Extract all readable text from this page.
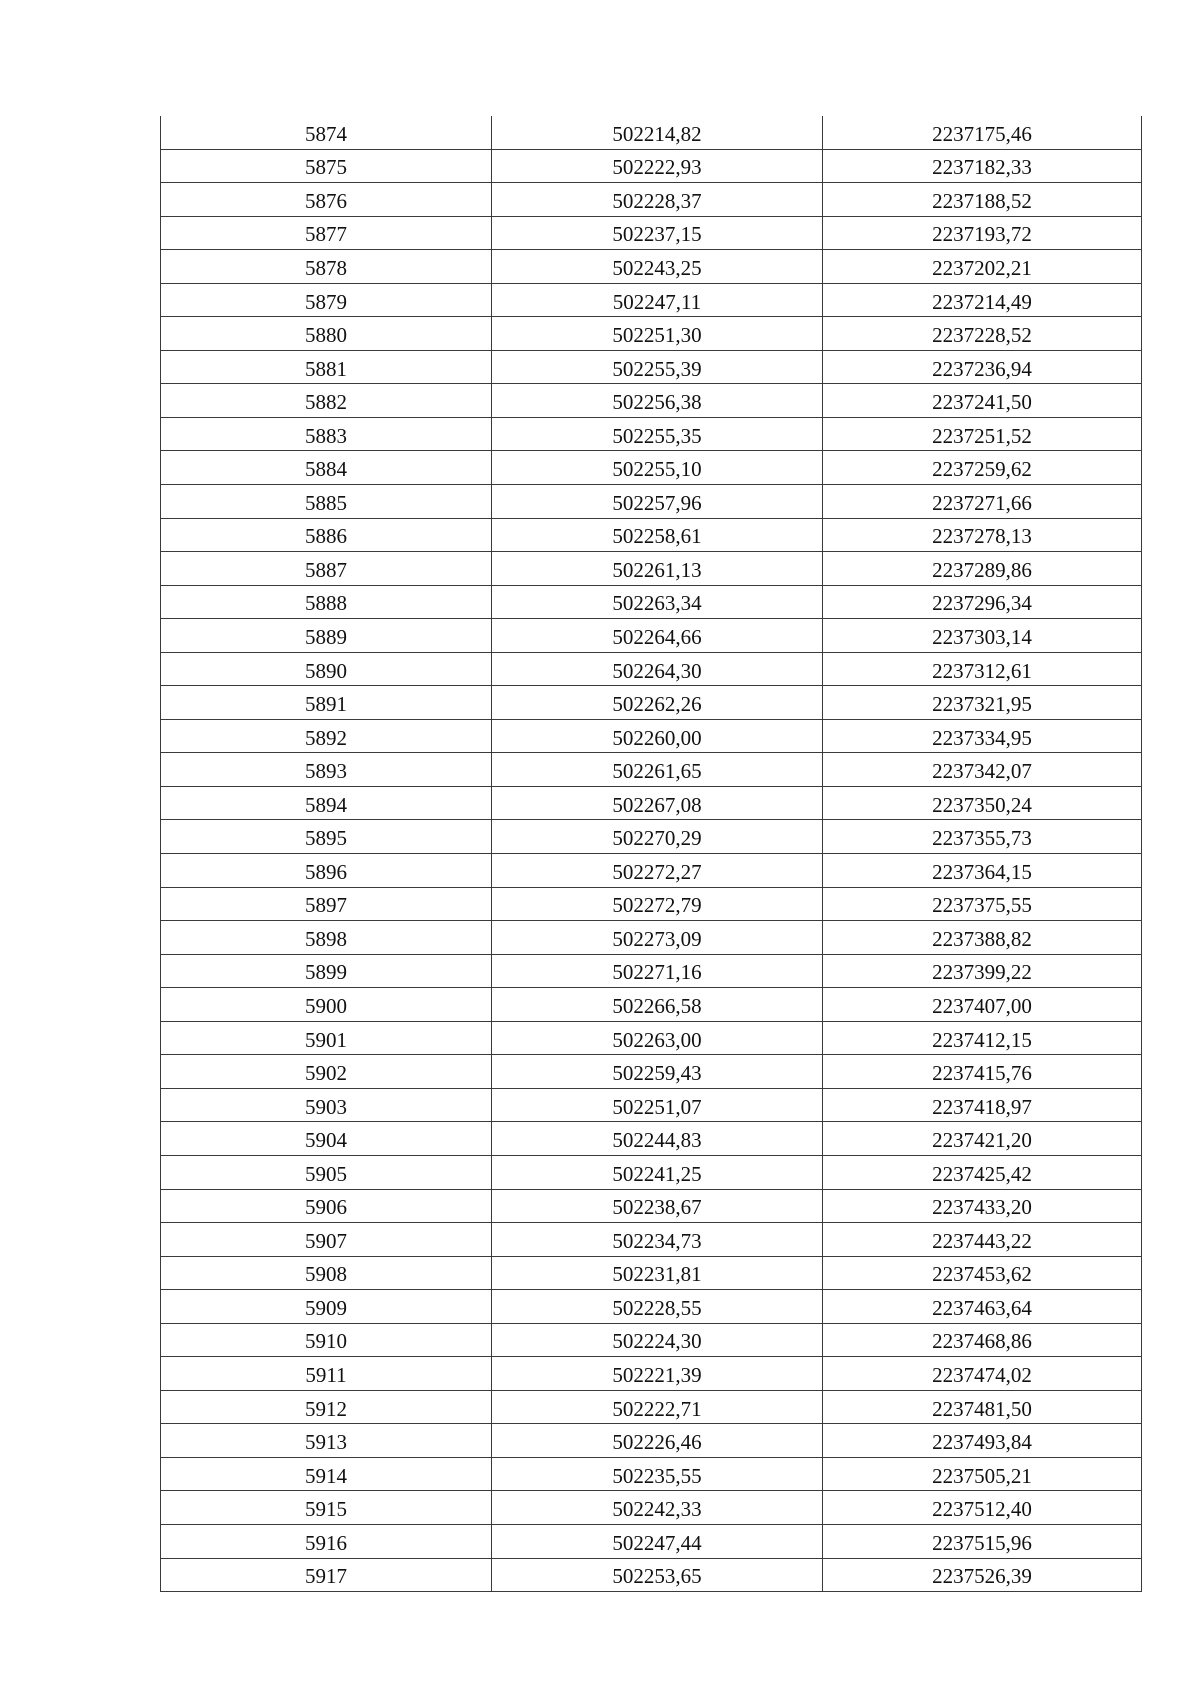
5874	502214,82	2237175,46
5875	502222,93	2237182,33
5876	502228,37	2237188,52
5877	502237,15	2237193,72
5878	502243,25	2237202,21
5879	502247,11	2237214,49
5880	502251,30	2237228,52
5881	502255,39	2237236,94
5882	502256,38	2237241,50
5883	502255,35	2237251,52
5884	502255,10	2237259,62
5885	502257,96	2237271,66
5886	502258,61	2237278,13
5887	502261,13	2237289,86
5888	502263,34	2237296,34
5889	502264,66	2237303,14
5890	502264,30	2237312,61
5891	502262,26	2237321,95
5892	502260,00	2237334,95
5893	502261,65	2237342,07
5894	502267,08	2237350,24
5895	502270,29	2237355,73
5896	502272,27	2237364,15
5897	502272,79	2237375,55
5898	502273,09	2237388,82
5899	502271,16	2237399,22
5900	502266,58	2237407,00
5901	502263,00	2237412,15
5902	502259,43	2237415,76
5903	502251,07	2237418,97
5904	502244,83	2237421,20
5905	502241,25	2237425,42
5906	502238,67	2237433,20
5907	502234,73	2237443,22
5908	502231,81	2237453,62
5909	502228,55	2237463,64
5910	502224,30	2237468,86
5911	502221,39	2237474,02
5912	502222,71	2237481,50
5913	502226,46	2237493,84
5914	502235,55	2237505,21
5915	502242,33	2237512,40
5916	502247,44	2237515,96
5917	502253,65	2237526,39
